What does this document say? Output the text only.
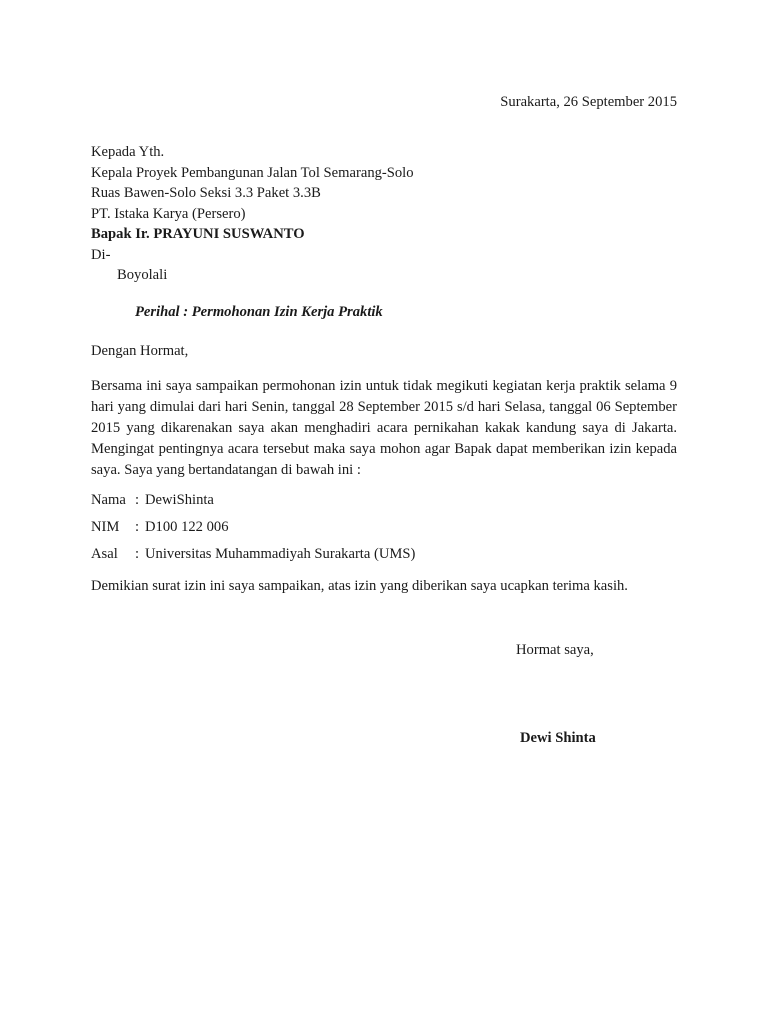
Surakarta, 26 September 2015
Kepada Yth.
Kepala Proyek Pembangunan Jalan Tol Semarang-Solo
Ruas Bawen-Solo Seksi 3.3 Paket 3.3B
PT. Istaka Karya (Persero)
Bapak Ir. PRAYUNI SUSWANTO
Di-
Boyolali
Perihal : Permohonan Izin Kerja Praktik
Dengan Hormat,
Bersama ini saya sampaikan permohonan izin untuk tidak megikuti kegiatan kerja praktik selama 9 hari yang dimulai dari hari Senin, tanggal 28 September 2015 s/d hari Selasa, tanggal 06 September 2015 yang dikarenakan saya akan menghadiri acara pernikahan kakak kandung saya di Jakarta. Mengingat pentingnya acara tersebut maka saya mohon agar Bapak dapat memberikan izin kepada saya. Saya yang bertandatangan di bawah ini :
Nama : DewiShinta
NIM : D100 122 006
Asal : Universitas Muhammadiyah Surakarta (UMS)
Demikian surat izin ini saya sampaikan, atas izin yang diberikan saya ucapkan terima kasih.
Hormat saya,
Dewi Shinta
